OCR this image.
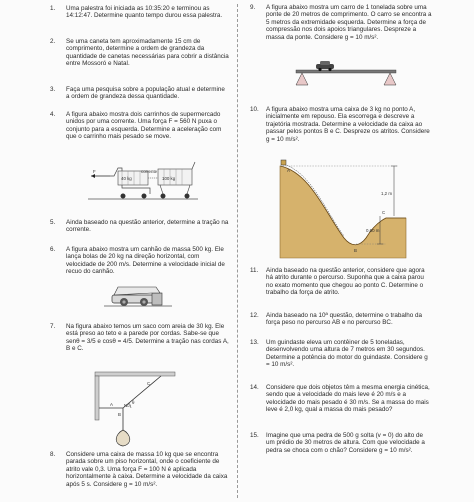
1.	Uma palestra foi iniciada as 10:35:20 e terminou as 14:12:47. Determine quanto tempo durou essa palestra.
2.	Se uma caneta tem aproximadamente 15 cm de comprimento, determine a ordem de grandeza da quantidade de canetas necessárias para cobrir a distância entre Mossoró e Natal.
3.	Faça uma pesquisa sobre a população atual e determine a ordem de grandeza dessa quantidade.
4.	A figura abaixo mostra dois carrinhos de supermercado unidos por uma corrente. Uma força F = 560 N puxa o conjunto para a esquerda. Determine a aceleração com que o carrinho mais pesado se move.
F	corrente
40 kg	100 kg
5.	Ainda baseado na questão anterior, determine a tração na corrente.
6.	A figura abaixo mostra um canhão de massa 500 kg. Ele lança bolas de 20 kg na direção horizontal, com velocidade de 200 m/s. Determine a velocidade inicial de recuo do canhão.
7.	Na figura abaixo temos um saco com areia de 30 kg. Ele está preso ao teto e a parede por cordas. Sabe-se que senθ = 3/5 e cosθ = 4/5. Determine a tração nas cordas A, B e C.
A
B
C
Nó
θ
8.	Considere uma caixa de massa 10 kg que se encontra parada sobre um piso horizontal, onde o coeficiente de atrito vale 0,3. Uma força F = 100 N é aplicada horizontalmente à caixa. Determine a velocidade da caixa após 5 s. Considere g = 10 m/s².
9.	A figura abaixo mostra um carro de 1 tonelada sobre uma ponte de 20 metros de comprimento. O carro se encontra a 5 metros da extremidade esquerda. Determine a força de compressão nos dois apoios triangulares. Despreze a massa da ponte. Considere g = 10 m/s².
10.	A figura abaixo mostra uma caixa de 3 kg no ponto A, inicialmente em repouso. Ela escorrega e descreve a trajetória mostrada. Determine a velocidade da caixa ao passar pelos pontos B e C. Despreze os atritos. Considere g = 10 m/s².
A
B
C
1,2 m
0,60 m
11.	Ainda baseado na questão anterior, considere que agora há atrito durante o percurso. Suponha que a caixa parou no exato momento que chegou ao ponto C. Determine o trabalho da força de atrito.
12.	Ainda baseado na 10ª questão, determine o trabalho da força peso no percurso AB e no percurso BC.
13.	Um guindaste eleva um contêiner de 5 toneladas, desenvolvendo uma altura de 7 metros em 30 segundos. Determine a potência do motor do guindaste. Considere g = 10 m/s².
14.	Considere que dois objetos têm a mesma energia cinética, sendo que a velocidade do mais leve é 20 m/s e a velocidade do mais pesado é 30 m/s. Se a massa do mais leve é 2,0 kg, qual a massa do mais pesado?
15.	Imagine que uma pedra de 500 g solta (v = 0) do alto de um prédio de 30 metros de altura. Com que velocidade a pedra se choca com o chão? Considere g = 10 m/s².
